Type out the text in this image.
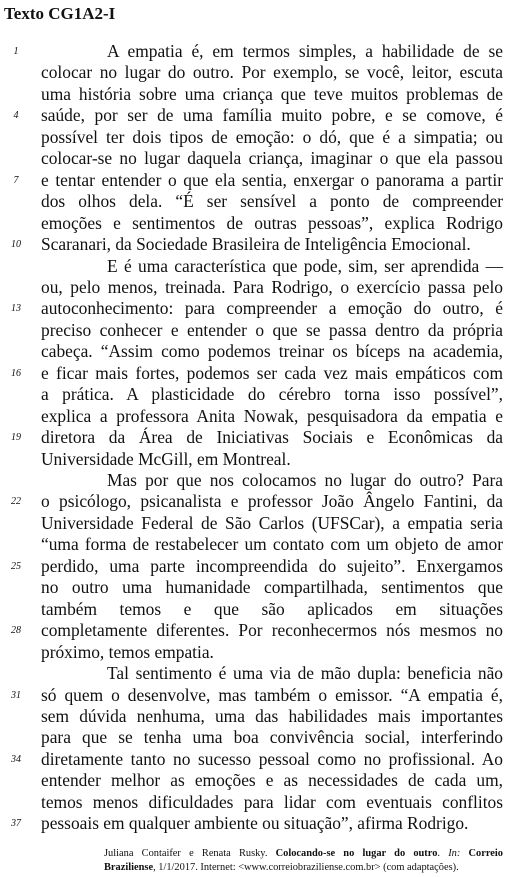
Texto CG1A2-I
A empatia é, em termos simples, a habilidade de se
colocar no lugar do outro. Por exemplo, se você, leitor, escuta
uma história sobre uma criança que teve muitos problemas de
saúde, por ser de uma família muito pobre, e se comove, é
possível ter dois tipos de emoção: o dó, que é a simpatia; ou
colocar-se no lugar daquela criança, imaginar o que ela passou
e tentar entender o que ela sentia, enxergar o panorama a partir
dos olhos dela. “É ser sensível a ponto de compreender
emoções e sentimentos de outras pessoas”, explica Rodrigo
Scaranari, da Sociedade Brasileira de Inteligência Emocional.
E é uma característica que pode, sim, ser aprendida —
ou, pelo menos, treinada. Para Rodrigo, o exercício passa pelo
autoconhecimento: para compreender a emoção do outro, é
preciso conhecer e entender o que se passa dentro da própria
cabeça. “Assim como podemos treinar os bíceps na academia,
e ficar mais fortes, podemos ser cada vez mais empáticos com
a prática. A plasticidade do cérebro torna isso possível”,
explica a professora Anita Nowak, pesquisadora da empatia e
diretora da Área de Iniciativas Sociais e Econômicas da
Universidade McGill, em Montreal.
Mas por que nos colocamos no lugar do outro? Para
o psicólogo, psicanalista e professor João Ângelo Fantini, da
Universidade Federal de São Carlos (UFSCar), a empatia seria
“uma forma de restabelecer um contato com um objeto de amor
perdido, uma parte incompreendida do sujeito”. Enxergamos
no outro uma humanidade compartilhada, sentimentos que
também temos e que são aplicados em situações
completamente diferentes. Por reconhecermos nós mesmos no
próximo, temos empatia.
Tal sentimento é uma via de mão dupla: beneficia não
só quem o desenvolve, mas também o emissor. “A empatia é,
sem dúvida nenhuma, uma das habilidades mais importantes
para que se tenha uma boa convivência social, interferindo
diretamente tanto no sucesso pessoal como no profissional. Ao
entender melhor as emoções e as necessidades de cada um,
temos menos dificuldades para lidar com eventuais conflitos
pessoais em qualquer ambiente ou situação”, afirma Rodrigo.
1
4
7
10
13
16
19
22
25
28
31
34
37
Juliana Contaifer e Renata Rusky. Colocando-se no lugar do outro. In: Correio
Braziliense, 1/1/2017. Internet: <www.correiobraziliense.com.br> (com adaptações).
